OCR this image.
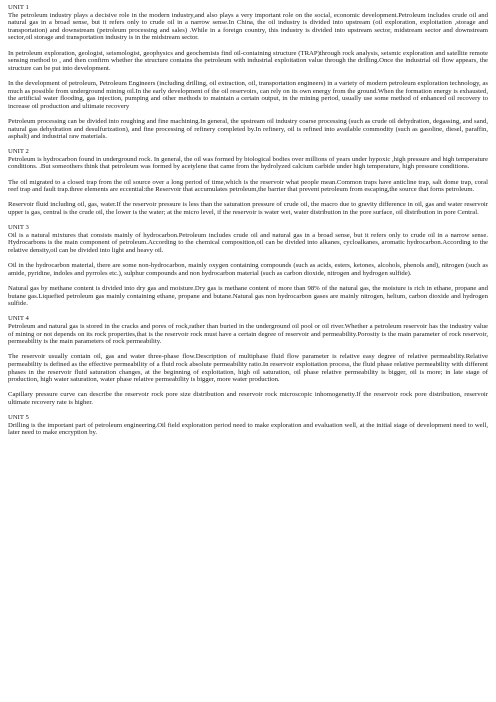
UNIT 1

The petroleum industry plays a decisive role in the modern industry,and also plays a very important role on the social, economic development.Petroleum includes crude oil and natural gas in a broad sense, but it refers only to crude oil in a narrow sense.In China, the oil industry is divided into upstream (oil exploration, exploitation ,storage and transportation) and downstream (petroleum processing and sales) .While in a foreign country, this industry is divided into upstream sector, midstream sector and downstream sector,oil storage and transportation industry is in the midstream sector.

In petroleum exploration, geologist, seismologist, geophysics and geochemists find oil-containing structure (TRAP)through rock analysis, seismic exploration and satellite remote sensing method to , and then confirm whether the structure contains the petroleum with industrial exploitation value through the drilling.Once the industrial oil flow appears, the structure can be put into development.

In the development of petroleum, Petroleum Engineers (including drilling, oil extraction, oil, transportation engineers) in a variety of modern petroleum exploration technology, as much as possible from underground mining oil.In the early development of the oil reservoirs, can rely on its own energy from the ground.When the formation energy is exhausted, the artificial water flooding, gas injection, pumping and other methods to maintain a certain output, in the mining period, usually use some method of enhanced oil recovery to increase oil production and ultimate recovery

Petroleum processing can be divided into roughing and fine machining.In general, the upstream oil industry coarse processing (such as crude oil dehydration, degassing, and sand, natural gas dehydration and desulfurization), and fine processing of refinery completed by.In refinery, oil is refined into available commodity (such as gasoline, diesel, paraffin, asphalt) and industrial raw materials.

UNIT 2

Petroleum is hydrocarbon found in underground rock. In general, the oil was formed by biological bodies over millions of years under hypoxic ,high pressure and high temperature conditions. .But someothers think that petroleum was formed by acetylene that came from the hydrolyzed calcium carbide under high temperature, high pressure conditions.

The oil migrated to a closed trap from the oil source over a long period of time,which is the reservoir what people mean.Common traps have anticline trap, salt dome trap, coral reef trap and fault trap.three elements are eccential:the Reservoir that accumulates petroleum,the barrier that prevent petroleum from escaping,the source that forns petroleum.

Reservoir fluid including oil, gas, water.If the reservoir pressure is less than the saturation pressure of crude oil, the macro due to gravity difference in oil, gas and water reservoir upper is gas, central is the crude oil, the lower is the water; at the micro level, if the reservoir is water wet, water distribution in the pore surface, oil distribution in pore Central.

UNIT 3

Oil is a natural mixtures that consists mainly of hydrocarbon.Petroleum includes crude oil and natural gas in a broad sense, but it refers only to crude oil in a narrow sense. Hydrocarbons is the main component of petroleum.According to the chemical composition,oil can be divided into alkanes, cycloalkanes, aromatic hydrocarbon.According to the relative density,oil can be divided into light and heavy oil.

Oil in the hydrocarbon material, there are some non-hydrocarbon, mainly oxygen containing compounds (such as acids, esters, ketones, alcohols, phenols and), nitrogen (such as amide, pyridine, indoles and pyrroles etc.), sulphur compounds and non hydrocarbon material (such as carbon dioxide, nitrogen and hydrogen sulfide).

Natural gas by methane content is divided into dry gas and moisture.Dry gas is methane content of more than 98% of the natural gas, the moisture is rich in ethane, propane and butane gas.Liquefied petroleum gas mainly containing ethane, propane and butane.Natural gas non hydrocarbon gases are mainly nitrogen, helium, carbon dioxide and hydrogen sulfide.

UNIT 4

Petroleum and natural gas is stored in the cracks and pores of rock,rather than buried in the underground oil pool or oil river.Whether a petroleum reservoir has the industry value of mining or not depends on its rock properties,that is the reservoir rock must have a certain degree of reservoir and permeability.Porosity is the main parameter of rock reservoir, permeability is the main parameters of rock permeability.

The reservoir usually contain oil, gas and water three-phase flow.Description of multiphase fluid flow parameter is relative easy degree of relative permeability.Relative permeability is defined as the effective permeability of a fluid rock absolute permeability ratio.In reservoir exploitation process, the fluid phase relative permeability with different phases in the reservoir fluid saturation changes, at the beginning of exploitation, high oil saturation, oil phase relative permeability is bigger, oil is more; in late stage of production, high water saturation, water phase relative permeability is bigger, more water production.

Capillary pressure curve can describe the reservoir rock pore size distribution and reservoir rock microscopic inhomogeneity.If the reservoir rock pore distribution, reservoir ultimate recovery rate is higher.

UNIT 5

Drilling is the important part of petroleum engineering.Oil field exploration period need to make exploration and evaluation well, at the initial stage of development need to well, later need to make encryption by.
